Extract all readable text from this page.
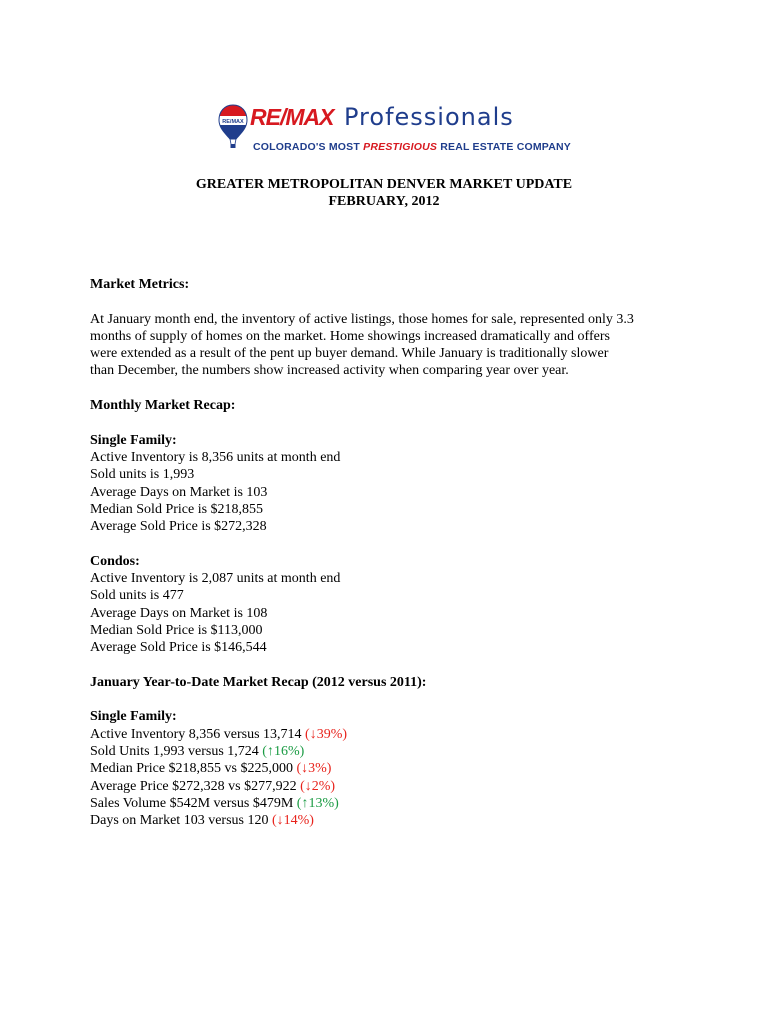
RE/MAX RE/MAX Professionals
COLORADO'S MOST PRESTIGIOUS REAL ESTATE COMPANY
GREATER METROPOLITAN DENVER MARKET UPDATE
FEBRUARY, 2012

Market Metrics:

At January month end, the inventory of active listings, those homes for sale, represented only 3.3

months of supply of homes on the market. Home showings increased dramatically and offers

were extended as a result of the pent up buyer demand. While January is traditionally slower

than December, the numbers show increased activity when comparing year over year.

Monthly Market Recap:

Single Family:

Active Inventory is 8,356 units at month end

Sold units is 1,993

Average Days on Market is 103

Median Sold Price is $218,855

Average Sold Price is $272,328

Condos:

Active Inventory is 2,087 units at month end

Sold units is 477

Average Days on Market is 108

Median Sold Price is $113,000

Average Sold Price is $146,544

January Year-to-Date Market Recap (2012 versus 2011):

Single Family:

Active Inventory 8,356 versus 13,714 (↓39%)

Sold Units 1,993 versus 1,724 (↑16%)

Median Price $218,855 vs $225,000 (↓3%)

Average Price $272,328 vs $277,922 (↓2%)

Sales Volume $542M versus $479M (↑13%)

Days on Market 103 versus 120 (↓14%)
